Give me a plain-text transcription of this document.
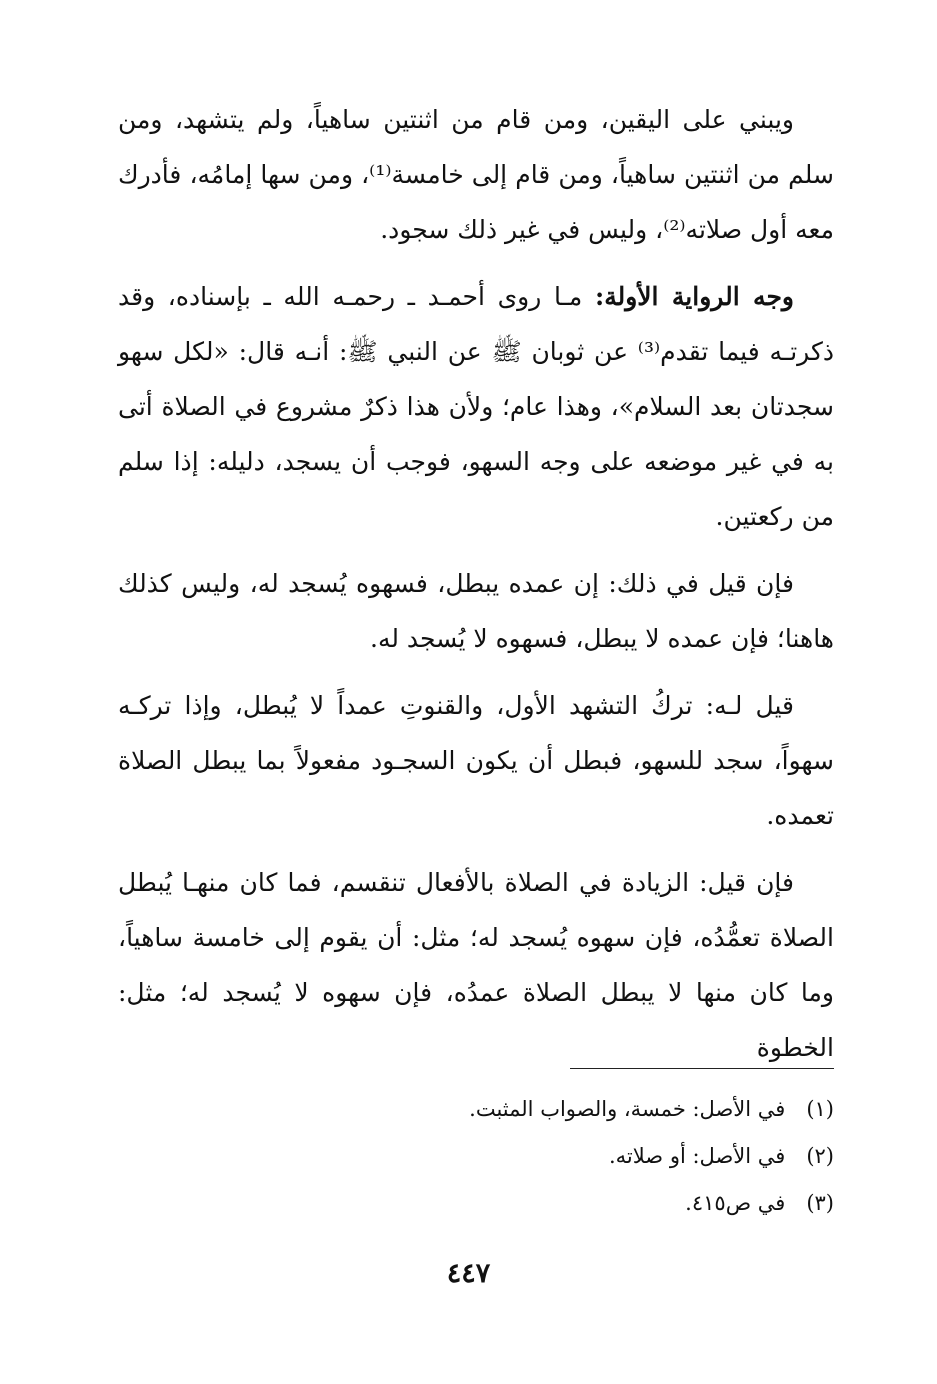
ويبني على اليقين، ومن قام من اثنتين ساهياً، ولم يتشهد، ومن سلم من اثنتين ساهياً، ومن قام إلى خامسة⁽¹⁾، ومن سها إمامُه، فأدرك معه أول صلاته⁽²⁾، وليس في غير ذلك سجود.

وجه الرواية الأولة: مـا روى أحمـد ـ رحمـه الله ـ بإسناده، وقد ذكرتـه فيما تقدم⁽³⁾ عن ثوبان ﷺ عن النبي ﷺ: أنـه قال: «لكل سهو سجدتان بعد السلام»، وهذا عام؛ ولأن هذا ذكرٌ مشروع في الصلاة أتى به في غير موضعه على وجه السهو، فوجب أن يسجد، دليله: إذا سلم من ركعتين.

فإن قيل في ذلك: إن عمده يبطل، فسهوه يُسجد له، وليس كذلك هاهنا؛ فإن عمده لا يبطل، فسهوه لا يُسجد له.

قيل لـه: تركُ التشهد الأول، والقنوتِ عمداً لا يُبطل، وإذا تركـه سهواً، سجد للسهو، فبطل أن يكون السجـود مفعولاً بما يبطل الصلاة تعمده.

فإن قيل: الزيادة في الصلاة بالأفعال تنقسم، فما كان منهـا يُبطل الصلاة تعمُّدُه، فإن سهوه يُسجد له؛ مثل: أن يقوم إلى خامسة ساهياً، وما كان منها لا يبطل الصلاة عمدُه، فإن سهوه لا يُسجد له؛ مثل: الخطوة

(١) في الأصل: خمسة، والصواب المثبت.
(٢) في الأصل: أو صلاته.
(٣) في ص٤١٥.
٤٤٧
